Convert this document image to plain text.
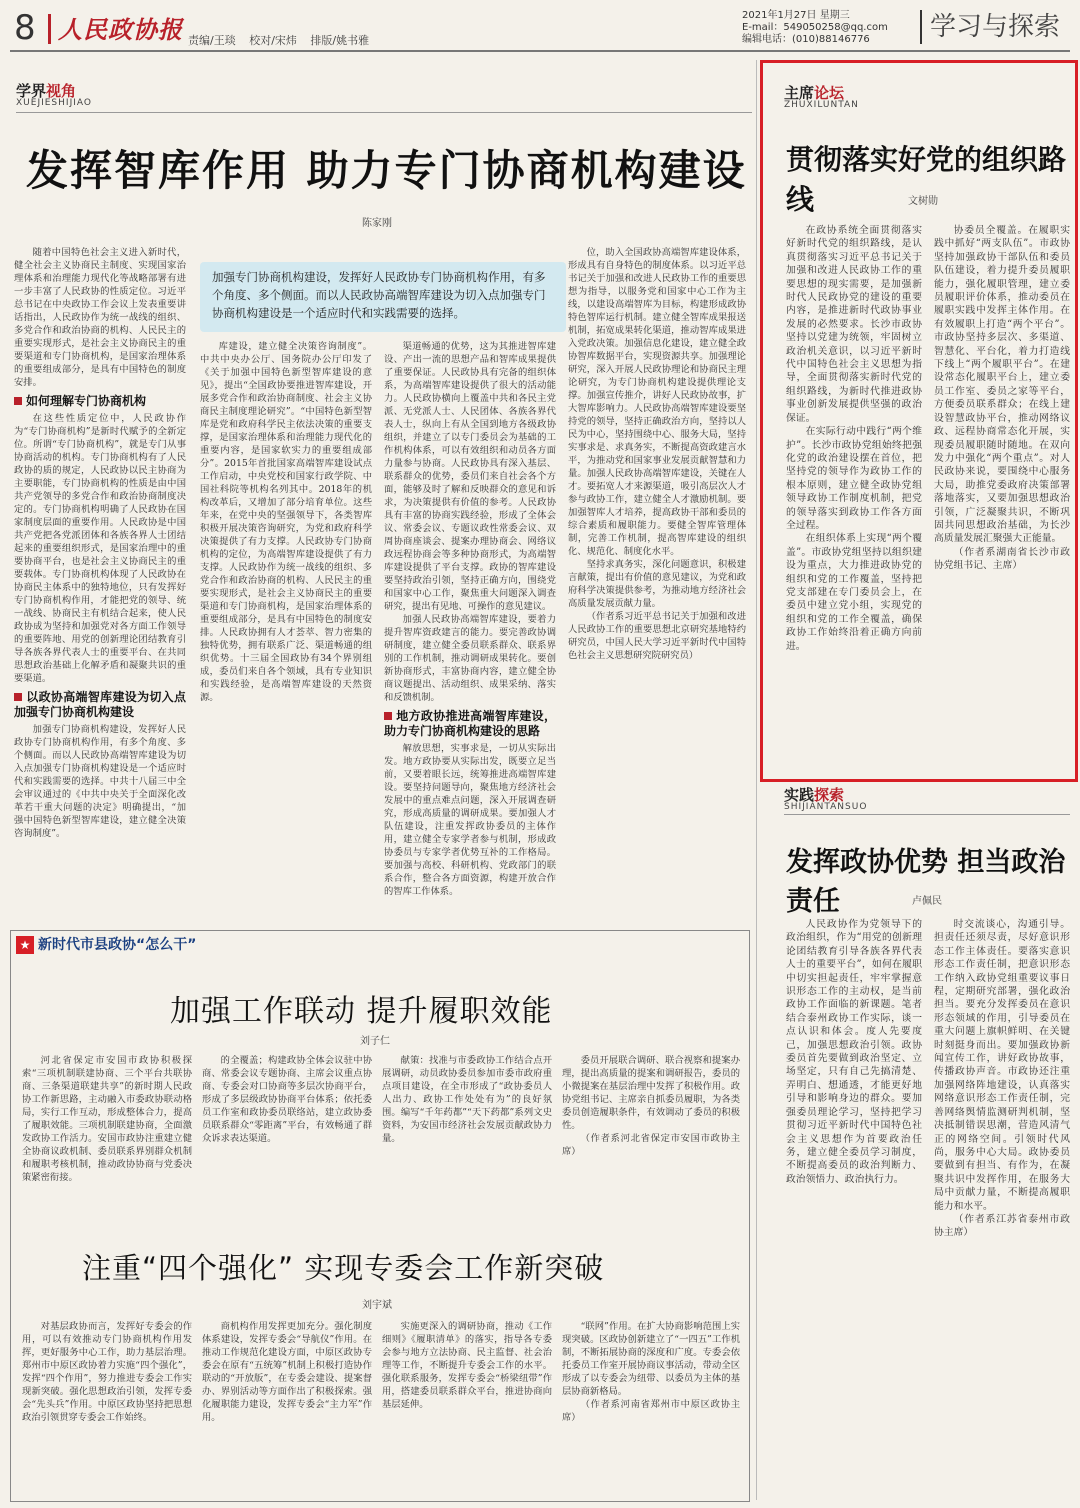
8 人民政协报 责编/王琰 校对/宋炜 排版/姚书雅
2021年1月27日 星期三
E-mail：549050258@qq.com
编辑电话：(010)88146776	学习与探索
学界视角
XUEJIESHIJIAO
发挥智库作用 助力专门协商机构建设
陈家刚

随着中国特色社会主义进入新时代，健全社会主义协商民主制度、实现国家治理体系和治理能力现代化等战略部署有进一步丰富了人民政协的性质定位。习近平总书记在中央政协工作会议上发表重要讲话指出，人民政协作为统一战线的组织、多党合作和政治协商的机构、人民民主的重要实现形式，是社会主义协商民主的重要渠道和专门协商机构，是国家治理体系的重要组成部分，是具有中国特色的制度安排。

如何理解专门协商机构

在这些性质定位中，人民政协作为“专门协商机构”是新时代赋予的全新定位。所谓“专门协商机构”，就是专门从事协商活动的机构。专门协商机构有了人民政协的质的规定，人民政协以民主协商为主要职能，专门协商机构的性质是由中国共产党领导的多党合作和政治协商制度决定的。专门协商机构明确了人民政协在国家制度层面的重要作用。人民政协是中国共产党把各党派团体和各族各界人士团结起来的重要组织形式，是国家治理中的重要协商平台，也是社会主义协商民主的重要载体。专门协商机构体现了人民政协在协商民主体系中的独特地位，只有发挥好专门协商机构作用，才能把党的领导、统一战线、协商民主有机结合起来，使人民政协成为坚持和加强党对各方面工作领导的重要阵地、用党的创新理论团结教育引导各族各界代表人士的重要平台、在共同思想政治基础上化解矛盾和凝聚共识的重要渠道。

以政协高端智库建设为切入点加强专门协商机构建设

加强专门协商机构建设，发挥好人民政协专门协商机构作用，有多个角度、多个侧面。而以人民政协高端智库建设为切入点加强专门协商机构建设是一个适应时代和实践需要的选择。中共十八届三中全会审议通过的《中共中央关于全面深化改革若干重大问题的决定》明确提出，“加强中国特色新型智库建设，建立健全决策咨询制度”。

加强专门协商机构建设，发挥好人民政协专门协商机构作用，有多个角度、多个侧面。而以人民政协高端智库建设为切入点加强专门协商机构建设是一个适应时代和实践需要的选择。

库建设，建立健全决策咨询制度”。中共中央办公厅、国务院办公厅印发了《关于加强中国特色新型智库建设的意见》，提出“全国政协要推进智库建设，开展多党合作和政治协商制度、社会主义协商民主制度理论研究”。“中国特色新型智库是党和政府科学民主依法决策的重要支撑，是国家治理体系和治理能力现代化的重要内容，是国家软实力的重要组成部分”。2015年首批国家高端智库建设试点工作启动，中央党校和国家行政学院、中国社科院等机构名列其中。2018年的机构改革后，又增加了部分培育单位。这些年来，在党中央的坚强领导下，各类智库积极开展决策咨询研究，为党和政府科学决策提供了有力支撑。人民政协专门协商机构的定位，为高端智库建设提供了有力支撑。人民政协作为统一战线的组织、多党合作和政治协商的机构、人民民主的重要实现形式，是社会主义协商民主的重要渠道和专门协商机构，是国家治理体系的重要组成部分，是具有中国特色的制度安排。人民政协拥有人才荟萃、智力密集的独特优势，拥有联系广泛、渠道畅通的组织优势。十三届全国政协有34个界别组成，委员们来自各个领域，具有专业知识和实践经验，是高端智库建设的天然资源。

渠道畅通的优势，这为其推进智库建设、产出一流的思想产品和智库成果提供了重要保证。人民政协具有完备的组织体系，为高端智库建设提供了很大的活动能力。人民政协横向上覆盖中共和各民主党派、无党派人士、人民团体、各族各界代表人士，纵向上有从全国到地方各级政协组织，并建立了以专门委员会为基础的工作机构体系，可以有效组织和动员各方面力量参与协商。人民政协具有深入基层、联系群众的优势，委员们来自社会各个方面，能够及时了解和反映群众的意见和诉求，为决策提供有价值的参考。人民政协具有丰富的协商实践经验，形成了全体会议、常委会议、专题议政性常委会议、双周协商座谈会、提案办理协商会、网络议政远程协商会等多种协商形式，为高端智库建设提供了平台支撑。政协的智库建设要坚持政治引领，坚持正确方向，围绕党和国家中心工作，聚焦重大问题深入调查研究，提出有见地、可操作的意见建议。

加强人民政协高端智库建设，要着力提升智库资政建言的能力。要完善政协调研制度，建立健全委员联系群众、联系界别的工作机制，推动调研成果转化。要创新协商形式，丰富协商内容，建立健全协商议题提出、活动组织、成果采纳、落实和反馈机制。

地方政协推进高端智库建设，助力专门协商机构建设的思路

解放思想，实事求是，一切从实际出发。地方政协要从实际出发，既要立足当前，又要着眼长远，统筹推进高端智库建设。要坚持问题导向，聚焦地方经济社会发展中的重点难点问题，深入开展调查研究，形成高质量的调研成果。要加强人才队伍建设，注重发挥政协委员的主体作用，建立健全专家学者参与机制，形成政协委员与专家学者优势互补的工作格局。要加强与高校、科研机构、党政部门的联系合作，整合各方面资源，构建开放合作的智库工作体系。

位，助入全国政协高端智库建设体系，形成具有自身特色的制度体系。以习近平总书记关于加强和改进人民政协工作的重要思想为指导，以服务党和国家中心工作为主线，以建设高端智库为目标，构建形成政协特色智库运行机制。建立健全智库成果报送机制，拓宽成果转化渠道，推动智库成果进入党政决策。加强信息化建设，建立健全政协智库数据平台，实现资源共享。加强理论研究，深入开展人民政协理论和协商民主理论研究，为专门协商机构建设提供理论支撑。加强宣传推介，讲好人民政协故事，扩大智库影响力。人民政协高端智库建设要坚持党的领导，坚持正确政治方向，坚持以人民为中心，坚持围绕中心、服务大局，坚持实事求是、求真务实，不断提高资政建言水平，为推动党和国家事业发展贡献智慧和力量。加强人民政协高端智库建设，关键在人才。要拓宽人才来源渠道，吸引高层次人才参与政协工作，建立健全人才激励机制。要加强智库人才培养，提高政协干部和委员的综合素质和履职能力。要健全智库管理体制，完善工作机制，提高智库建设的组织化、规范化、制度化水平。

坚持求真务实，深化问题意识，积极建言献策，提出有价值的意见建议，为党和政府科学决策提供参考，为推动地方经济社会高质量发展贡献力量。

（作者系习近平总书记关于加强和改进人民政协工作的重要思想北京研究基地特约研究员，中国人民大学习近平新时代中国特色社会主义思想研究院研究员）

主席论坛
ZHUXILUNTAN
贯彻落实好党的组织路线	文树勋

在政协系统全面贯彻落实好新时代党的组织路线，是认真贯彻落实习近平总书记关于加强和改进人民政协工作的重要思想的现实需要，是加强新时代人民政协党的建设的重要内容，是推进新时代政协事业发展的必然要求。长沙市政协坚持以党建为统领，牢固树立政治机关意识，以习近平新时代中国特色社会主义思想为指导，全面贯彻落实新时代党的组织路线，为新时代推进政协事业创新发展提供坚强的政治保证。

在实际行动中践行“两个维护”。长沙市政协党组始终把强化党的政治建设摆在首位，把坚持党的领导作为政协工作的根本原则，建立健全政协党组领导政协工作制度机制，把党的领导落实到政协工作各方面全过程。

在组织体系上实现“两个覆盖”。市政协党组坚持以组织建设为重点，大力推进政协党的组织和党的工作覆盖，坚持把党支部建在专门委员会上，在委员中建立党小组，实现党的组织和党的工作全覆盖，确保政协工作始终沿着正确方向前进。

协委员全覆盖。在履职实践中抓好“两支队伍”。市政协坚持加强政协干部队伍和委员队伍建设，着力提升委员履职能力，强化履职管理，建立委员履职评价体系，推动委员在履职实践中发挥主体作用。在有效履职上打造“两个平台”。市政协坚持多层次、多渠道、智慧化、平台化，着力打造线下线上“两个履职平台”。在建设常态化履职平台上，建立委员工作室、委员之家等平台，方便委员联系群众；在线上建设智慧政协平台，推动网络议政、远程协商常态化开展，实现委员履职随时随地。在双向发力中强化“两个重点”。对人民政协来说，要围绕中心服务大局，助推党委政府决策部署落地落实，又要加强思想政治引领，广泛凝聚共识，不断巩固共同思想政治基础，为长沙高质量发展汇聚强大正能量。

（作者系湖南省长沙市政协党组书记、主席）

实践探索
SHIJIANTANSUO
发挥政协优势 担当政治责任	卢佩民

人民政协作为党领导下的政治组织，作为“用党的创新理论团结教育引导各族各界代表人士的重要平台”，如何在履职中切实担起责任，牢牢掌握意识形态工作的主动权，是当前政协工作面临的新课题。笔者结合泰州政协工作实际，谈一点认识和体会。度人先要度己，加强思想政治引领。政协委员首先要做到政治坚定、立场坚定，只有自己先搞清楚、弄明白、想通透，才能更好地引导和影响身边的群众。要加强委员理论学习，坚持把学习贯彻习近平新时代中国特色社会主义思想作为首要政治任务，建立健全委员学习制度，不断提高委员的政治判断力、政治领悟力、政治执行力。

时交流谈心，沟通引导。担责任还须尽责，尽好意识形态工作主体责任。要落实意识形态工作责任制，把意识形态工作纳入政协党组重要议事日程，定期研究部署，强化政治担当。要充分发挥委员在意识形态领域的作用，引导委员在重大问题上旗帜鲜明、在关键时刻挺身而出。要加强政协新闻宣传工作，讲好政协故事，传播政协声音。市政协还注重加强网络阵地建设，认真落实网络意识形态工作责任制，完善网络舆情监测研判机制，坚决抵制错误思潮，营造风清气正的网络空间。引领时代风尚，服务中心大局。政协委员要做到有担当、有作为，在凝聚共识中发挥作用，在服务大局中贡献力量，不断提高履职能力和水平。

（作者系江苏省泰州市政协主席）

★ 新时代市县政协“怎么干”
加强工作联动 提升履职效能
刘子仁

河北省保定市安国市政协积极探索“三项机制联建协商、三个平台共联协商、三条渠道联建共享”的新时期人民政协工作新思路，主动融入市委政协联动格局，实行工作互动，形成整体合力，提高了履职效能。三项机制联建协商，全面激发政协工作活力。安国市政协注重建立健全协商议政机制、委员联系界别群众机制和履职考核机制，推动政协协商与党委决策紧密衔接。

的全覆盖；构建政协全体会议驻中协商、常委会议专题协商、主席会议重点协商、专委会对口协商等多层次协商平台，形成了多层级政协协商平台体系；依托委员工作室和政协委员联络站，建立政协委员联系群众“零距离”平台，有效畅通了群众诉求表达渠道。

献策：找准与市委政协工作结合点开展调研，动员政协委员参加市委市政府重点项目建设，在全市形成了“政协委员人人出力、政协工作处处有为”的良好氛围。编写“千年药都”“天下药都”系列文史资料，为安国市经济社会发展贡献政协力量。

委员开展联合调研、联合视察和提案办理，提出高质量的提案和调研报告，委员的小微提案在基层治理中发挥了积极作用。政协党组书记、主席亲自抓委员履职，为各类委员创造履职条件，有效调动了委员的积极性。

（作者系河北省保定市安国市政协主席）

注重“四个强化” 实现专委会工作新突破
刘宇斌

对基层政协而言，发挥好专委会的作用，可以有效推动专门协商机构作用发挥，更好服务中心工作，助力基层治理。郑州市中原区政协着力实施“四个强化”，发挥“四个作用”，努力推进专委会工作实现新突破。强化思想政治引领，发挥专委会“先头兵”作用。中原区政协坚持把思想政治引领贯穿专委会工作始终。

商机构作用发挥更加充分。强化制度体系建设，发挥专委会“导航仪”作用。在推动工作规范化建设方面，中原区政协专委会在原有“五统筹”机制上积极打造协作联动的“开放版”，在专委会建设、提案督办、界别活动等方面作出了积极探索。强化履职能力建设，发挥专委会“主力军”作用。

实施更深入的调研协商，推动《工作细则》《履职清单》的落实，指导各专委会参与地方立法协商、民主监督、社会治理等工作，不断提升专委会工作的水平。强化联系服务，发挥专委会“桥梁纽带”作用，搭建委员联系群众平台，推进协商向基层延伸。

“联网”作用。在扩大协商影响范围上实现突破。区政协创新建立了“一四五”工作机制，不断拓展协商的深度和广度。专委会依托委员工作室开展协商议事活动，带动全区形成了以专委会为纽带、以委员为主体的基层协商新格局。

（作者系河南省郑州市中原区政协主席）
